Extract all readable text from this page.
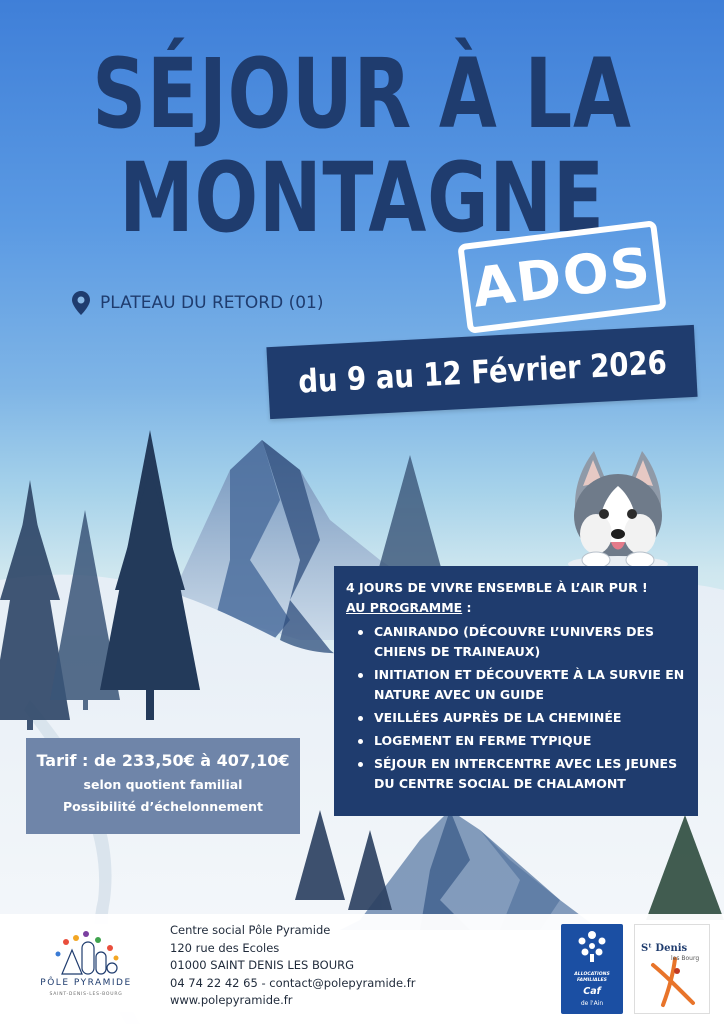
SÉJOUR À LA
MONTAGNE
ADOS
PLATEAU DU RETORD (01)
du 9 au 12 Février 2026
4 JOURS DE VIVRE ENSEMBLE À L’AIR PUR !
AU PROGRAMME :
CANIRANDO (DÉCOUVRE L’UNIVERS DES CHIENS DE TRAINEAUX)
INITIATION ET DÉCOUVERTE À LA SURVIE EN NATURE AVEC UN GUIDE
VEILLÉES AUPRÈS DE LA CHEMINÉE
LOGEMENT EN FERME TYPIQUE
SÉJOUR EN INTERCENTRE AVEC LES JEUNES DU CENTRE SOCIAL DE CHALAMONT
Tarif : de 233,50€ à 407,10€
selon quotient familial
Possibilité d’échelonnement
PÔLE PYRAMIDE
SAINT-DENIS-LES-BOURG
Centre social Pôle Pyramide
120 rue des Ecoles
01000 SAINT DENIS LES BOURG
04 74 22 42 65 - contact@polepyramide.fr
www.polepyramide.fr
ALLOCATIONS FAMILIALES
Caf
de l'Ain
Sᵗ Denis
les Bourg
